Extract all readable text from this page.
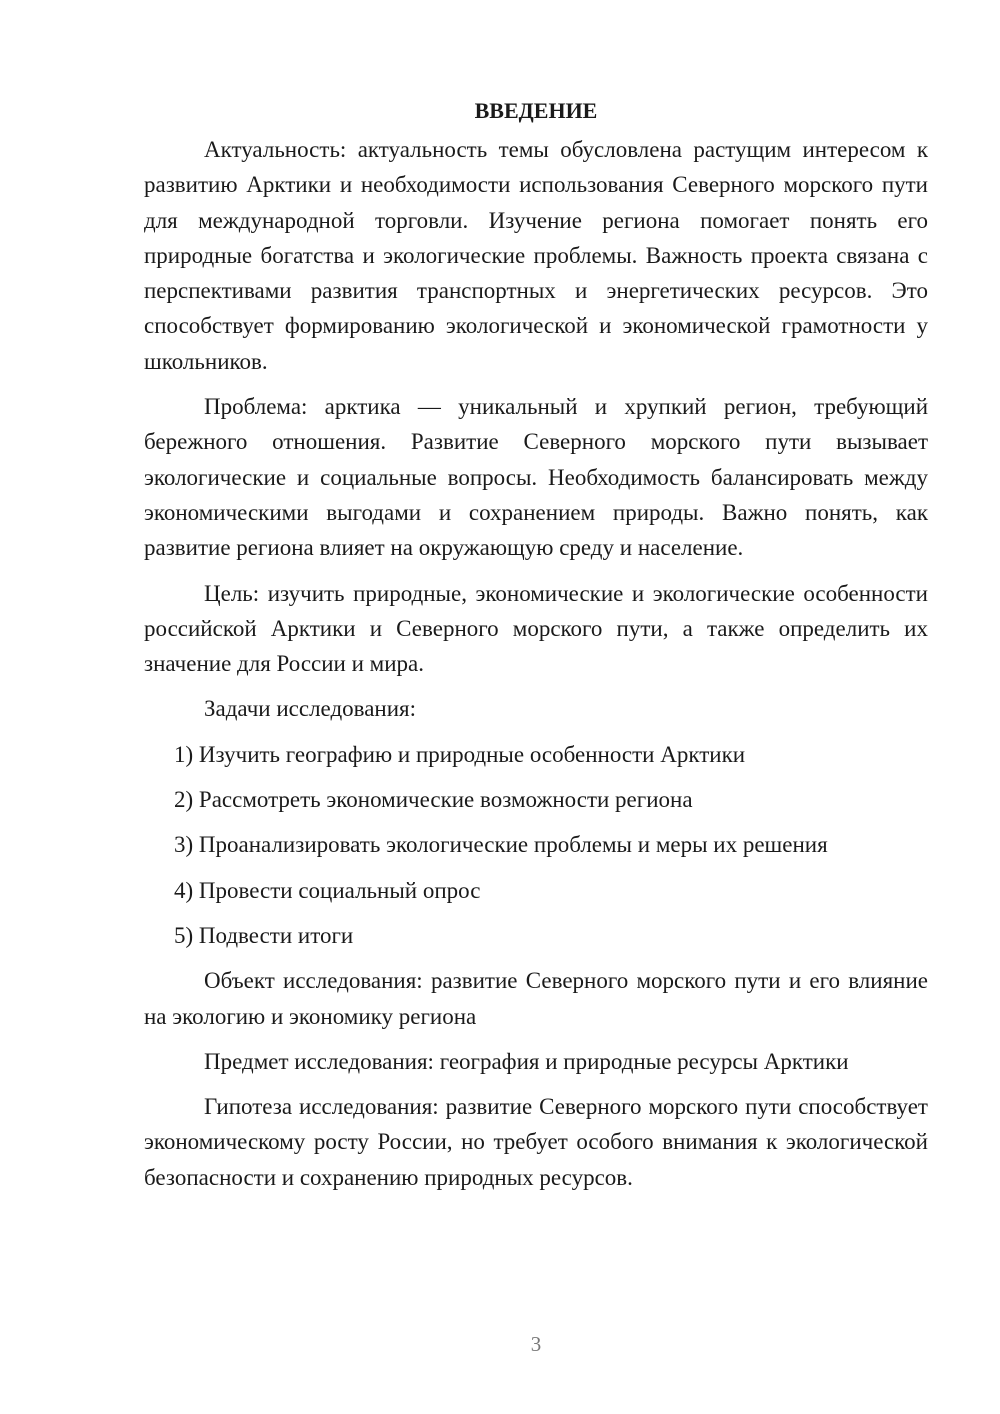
ВВЕДЕНИЕ

Актуальность: актуальность темы обусловлена растущим интересом к развитию Арктики и необходимости использования Северного морского пути для международной торговли. Изучение региона помогает понять его природные богатства и экологические проблемы. Важность проекта связана с перспективами развития транспортных и энергетических ресурсов. Это способствует формированию экологической и экономической грамотности у школьников.

Проблема: арктика — уникальный и хрупкий регион, требующий бережного отношения. Развитие Северного морского пути вызывает экологические и социальные вопросы. Необходимость балансировать между экономическими выгодами и сохранением природы. Важно понять, как развитие региона влияет на окружающую среду и население.

Цель: изучить природные, экономические и экологические особенности российской Арктики и Северного морского пути, а также определить их значение для России и мира.

Задачи исследования:

1) Изучить географию и природные особенности Арктики
2) Рассмотреть экономические возможности региона
3) Проанализировать экологические проблемы и меры их решения
4) Провести социальный опрос
5) Подвести итоги

Объект исследования: развитие Северного морского пути и его влияние на экологию и экономику региона

Предмет исследования: география и природные ресурсы Арктики

Гипотеза исследования: развитие Северного морского пути способствует экономическому росту России, но требует особого внимания к экологической безопасности и сохранению природных ресурсов.

3
